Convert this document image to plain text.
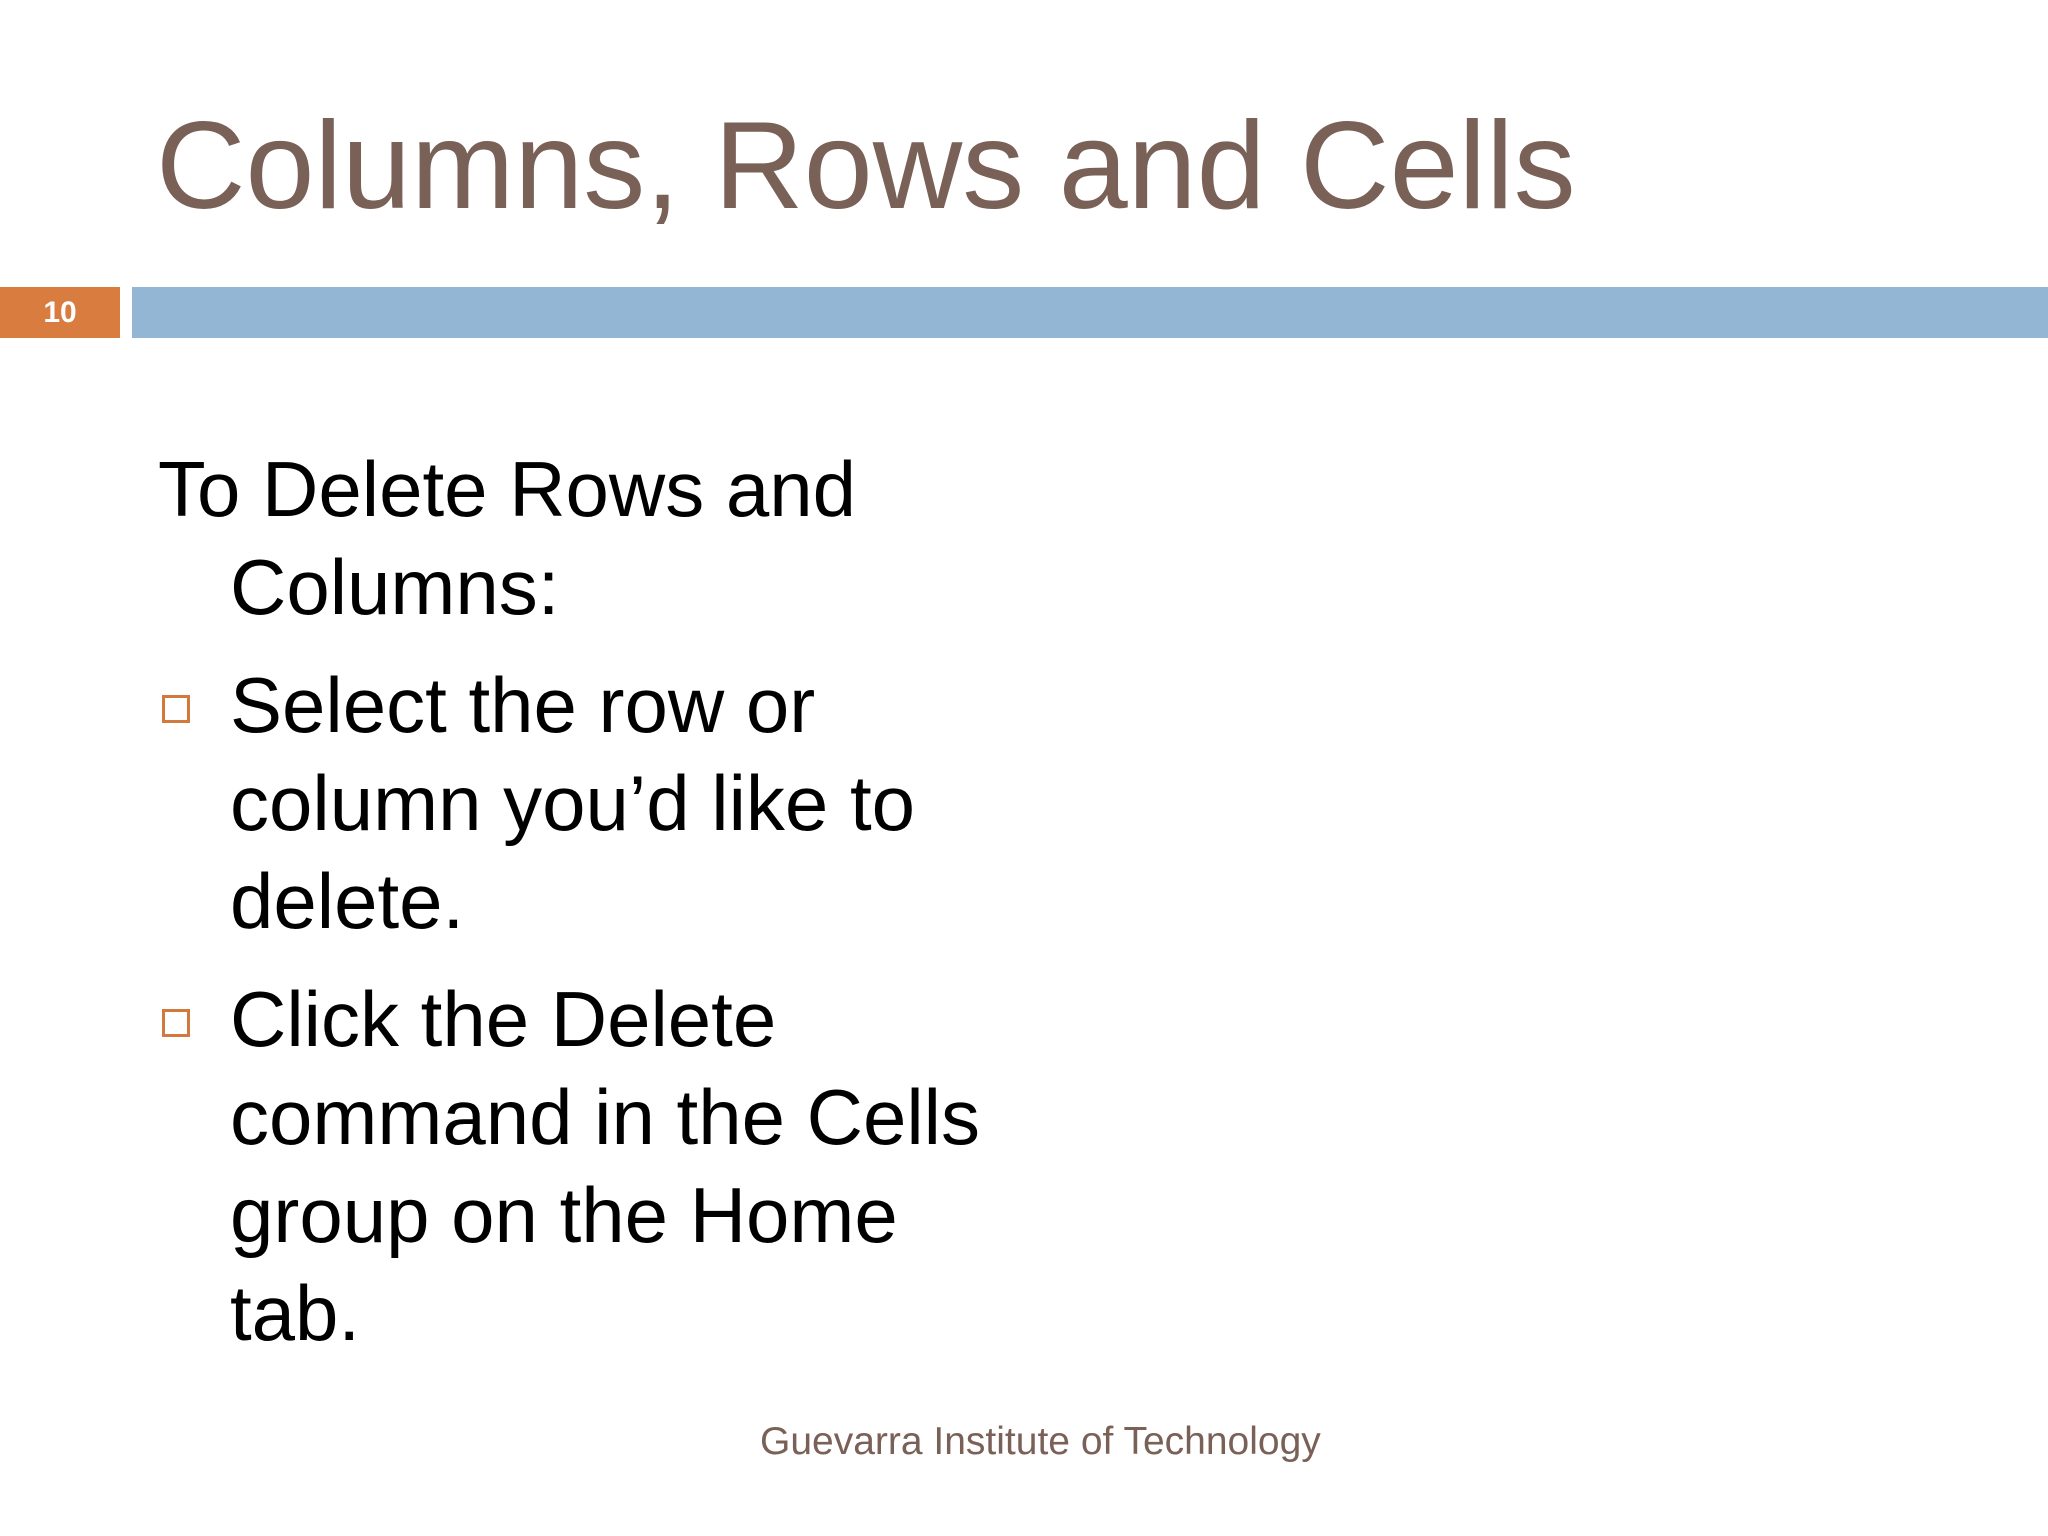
Columns, Rows and Cells
10
To Delete Rows and Columns:
Select the row or column you’d like to delete.
Click the Delete command in the Cells group on the Home tab.
Guevarra Institute of Technology
